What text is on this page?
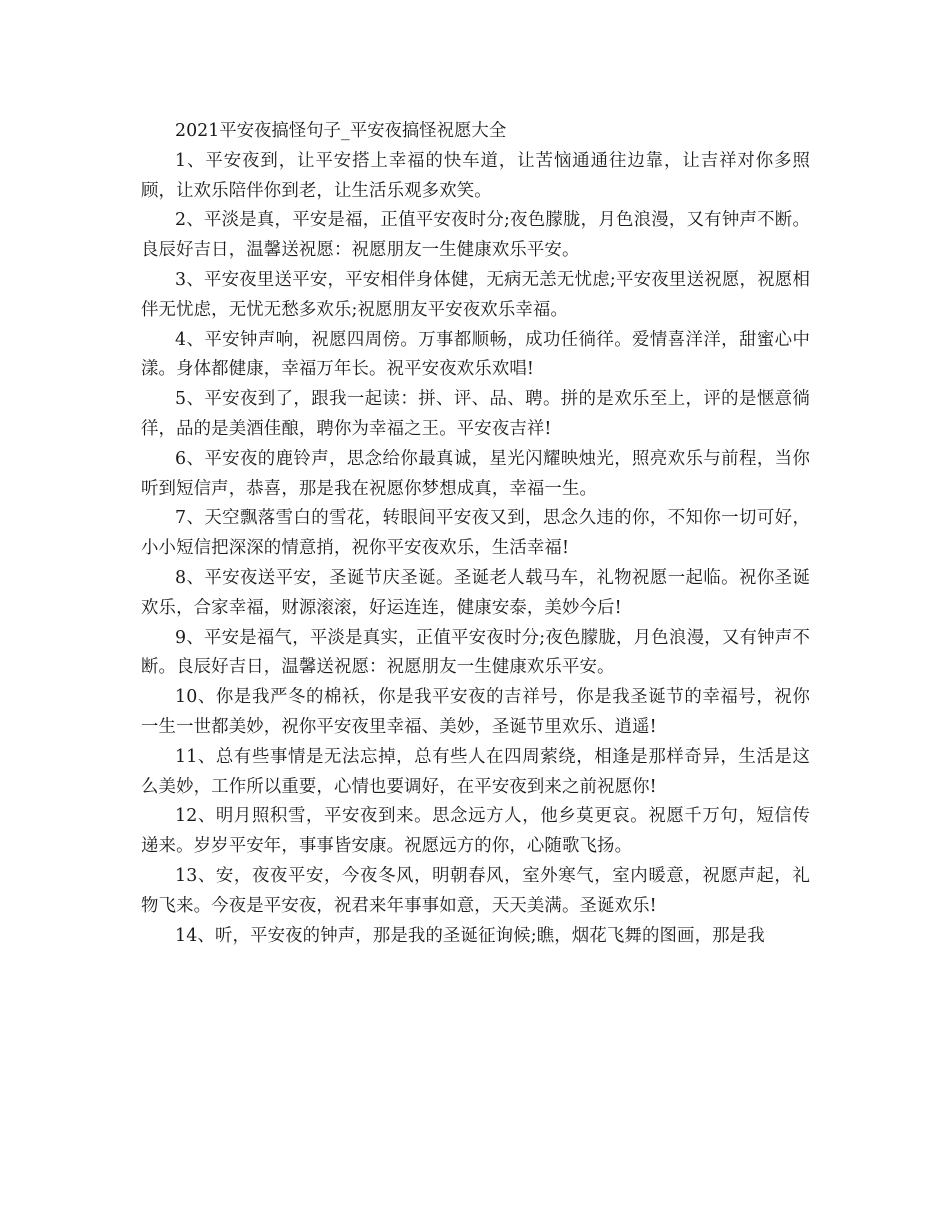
2021平安夜搞怪句子_平安夜搞怪祝愿大全

1、平安夜到，让平安搭上幸福的快车道，让苦恼通通往边靠，让吉祥对你多照顾，让欢乐陪伴你到老，让生活乐观多欢笑。

2、平淡是真，平安是福，正值平安夜时分;夜色朦胧，月色浪漫，又有钟声不断。良辰好吉日，温馨送祝愿：祝愿朋友一生健康欢乐平安。

3、平安夜里送平安，平安相伴身体健，无病无恙无忧虑;平安夜里送祝愿，祝愿相伴无忧虑，无忧无愁多欢乐;祝愿朋友平安夜欢乐幸福。

4、平安钟声响，祝愿四周傍。万事都顺畅，成功任徜徉。爱情喜洋洋，甜蜜心中漾。身体都健康，幸福万年长。祝平安夜欢乐欢唱!

5、平安夜到了，跟我一起读：拼、评、品、聘。拼的是欢乐至上，评的是惬意徜徉，品的是美酒佳酿，聘你为幸福之王。平安夜吉祥!

6、平安夜的鹿铃声，思念给你最真诚，星光闪耀映烛光，照亮欢乐与前程，当你听到短信声，恭喜，那是我在祝愿你梦想成真，幸福一生。

7、天空飘落雪白的雪花，转眼间平安夜又到，思念久违的你，不知你一切可好，小小短信把深深的情意捎，祝你平安夜欢乐，生活幸福!

8、平安夜送平安，圣诞节庆圣诞。圣诞老人载马车，礼物祝愿一起临。祝你圣诞欢乐，合家幸福，财源滚滚，好运连连，健康安泰，美妙今后!

9、平安是福气，平淡是真实，正值平安夜时分;夜色朦胧，月色浪漫，又有钟声不断。良辰好吉日，温馨送祝愿：祝愿朋友一生健康欢乐平安。

10、你是我严冬的棉袄，你是我平安夜的吉祥号，你是我圣诞节的幸福号，祝你一生一世都美妙，祝你平安夜里幸福、美妙，圣诞节里欢乐、逍遥!

11、总有些事情是无法忘掉，总有些人在四周萦绕，相逢是那样奇异，生活是这么美妙，工作所以重要，心情也要调好，在平安夜到来之前祝愿你!

12、明月照积雪，平安夜到来。思念远方人，他乡莫更哀。祝愿千万句，短信传递来。岁岁平安年，事事皆安康。祝愿远方的你，心随歌飞扬。

13、安，夜夜平安，今夜冬风，明朝春风，室外寒气，室内暖意，祝愿声起，礼物飞来。今夜是平安夜，祝君来年事事如意，天天美满。圣诞欢乐!

14、听，平安夜的钟声，那是我的圣诞征询候;瞧，烟花飞舞的图画，那是我
